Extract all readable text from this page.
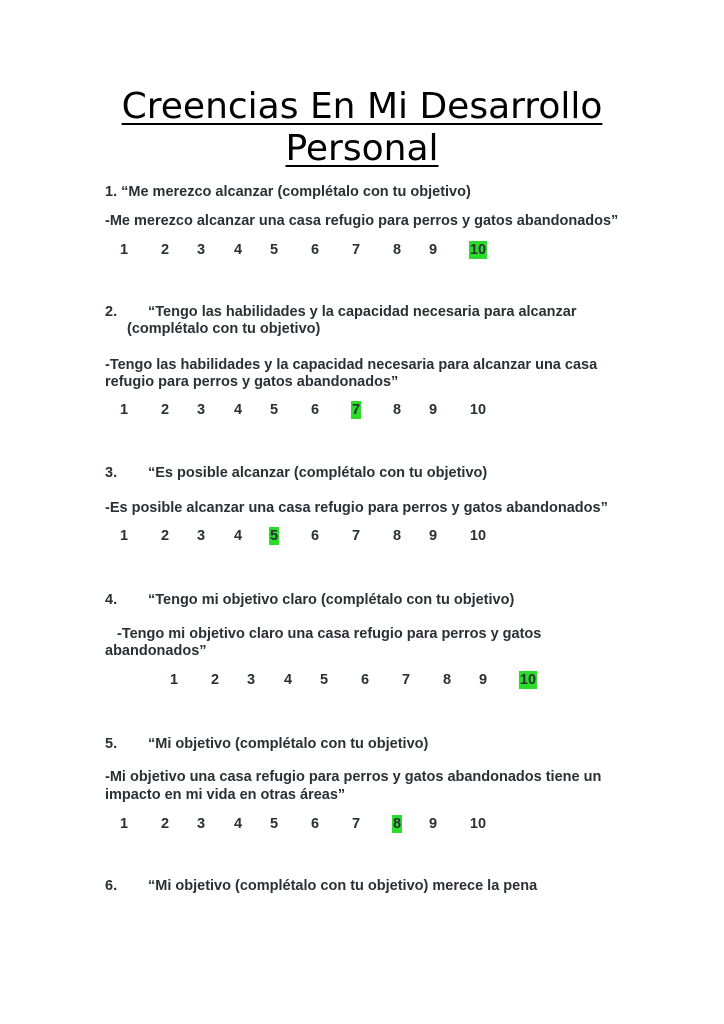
Creencias En Mi Desarrollo
Personal
1. “Me merezco alcanzar (complétalo con tu objetivo)
-Me merezco alcanzar una casa refugio para perros y gatos abandonados”
1 2 3 4 5 6 7 8 9 10
2. “Tengo las habilidades y la capacidad necesaria para alcanzar
(complétalo con tu objetivo)
-Tengo las habilidades y la capacidad necesaria para alcanzar una casa
refugio para perros y gatos abandonados”
1 2 3 4 5 6 7 8 9 10
3. “Es posible alcanzar (complétalo con tu objetivo)
-Es posible alcanzar una casa refugio para perros y gatos abandonados”
1 2 3 4 5 6 7 8 9 10
4. “Tengo mi objetivo claro (complétalo con tu objetivo)
-Tengo mi objetivo claro una casa refugio para perros y gatos
abandonados”
1 2 3 4 5 6 7 8 9 10
5. “Mi objetivo (complétalo con tu objetivo)
-Mi objetivo una casa refugio para perros y gatos abandonados tiene un
impacto en mi vida en otras áreas”
1 2 3 4 5 6 7 8 9 10
6. “Mi objetivo (complétalo con tu objetivo) merece la pena
